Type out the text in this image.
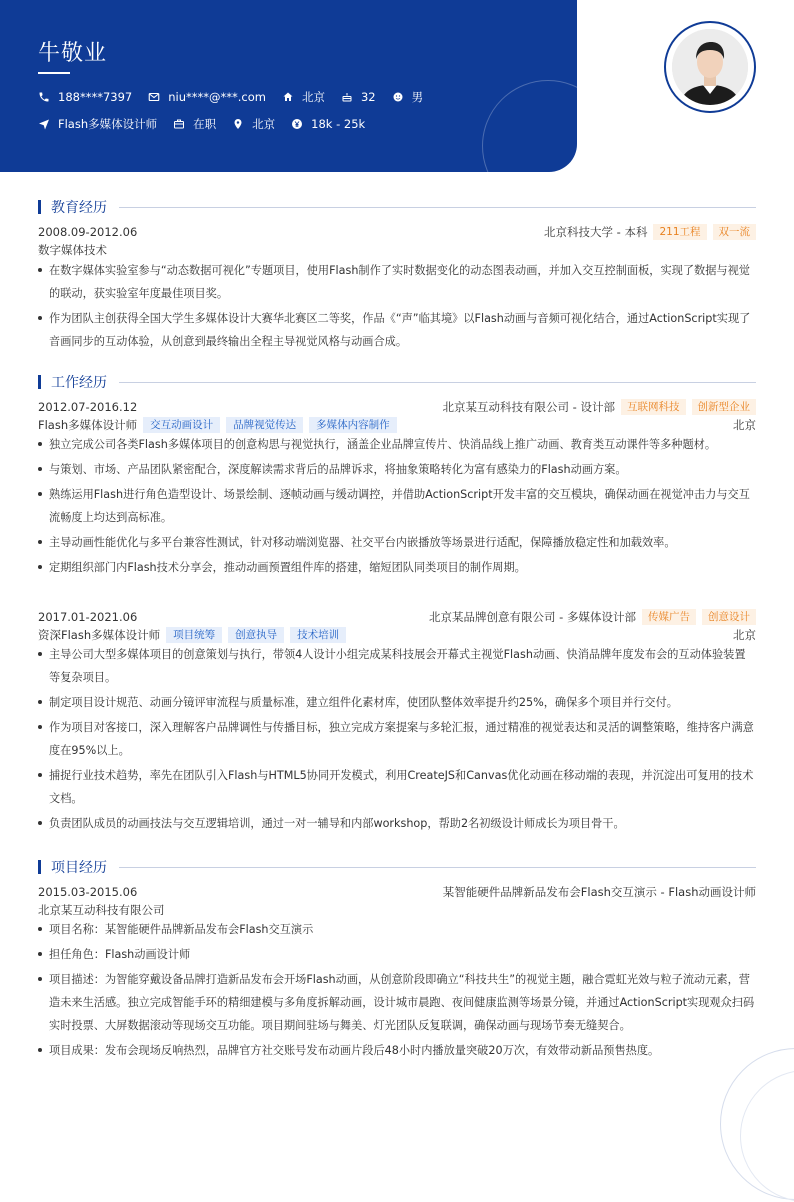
牛敬业
188****7397	niu****@***.com	北京	32	男
Flash多媒体设计师	在职	北京	18k - 25k
教育经历
2008.09-2012.06	北京科技大学 - 本科	211工程	双一流
数字媒体技术
在数字媒体实验室参与“动态数据可视化”专题项目，使用Flash制作了实时数据变化的动态图表动画，并加入交互控制面板，实现了数据与视觉的联动，获实验室年度最佳项目奖。
作为团队主创获得全国大学生多媒体设计大赛华北赛区二等奖，作品《“声”临其境》以Flash动画与音频可视化结合，通过ActionScript实现了音画同步的互动体验，从创意到最终输出全程主导视觉风格与动画合成。
工作经历
2012.07-2016.12	北京某互动科技有限公司 - 设计部	互联网科技	创新型企业
Flash多媒体设计师	交互动画设计	品牌视觉传达	多媒体内容制作	北京
独立完成公司各类Flash多媒体项目的创意构思与视觉执行，涵盖企业品牌宣传片、快消品线上推广动画、教育类互动课件等多种题材。
与策划、市场、产品团队紧密配合，深度解读需求背后的品牌诉求，将抽象策略转化为富有感染力的Flash动画方案。
熟练运用Flash进行角色造型设计、场景绘制、逐帧动画与缓动调控，并借助ActionScript开发丰富的交互模块，确保动画在视觉冲击力与交互流畅度上均达到高标准。
主导动画性能优化与多平台兼容性测试，针对移动端浏览器、社交平台内嵌播放等场景进行适配，保障播放稳定性和加载效率。
定期组织部门内Flash技术分享会，推动动画预置组件库的搭建，缩短团队同类项目的制作周期。
2017.01-2021.06	北京某品牌创意有限公司 - 多媒体设计部	传媒广告	创意设计
资深Flash多媒体设计师	项目统筹	创意执导	技术培训	北京
主导公司大型多媒体项目的创意策划与执行，带领4人设计小组完成某科技展会开幕式主视觉Flash动画、快消品牌年度发布会的互动体验装置等复杂项目。
制定项目设计规范、动画分镜评审流程与质量标准，建立组件化素材库，使团队整体效率提升约25%，确保多个项目并行交付。
作为项目对客接口，深入理解客户品牌调性与传播目标，独立完成方案提案与多轮汇报，通过精准的视觉表达和灵活的调整策略，维持客户满意度在95%以上。
捕捉行业技术趋势，率先在团队引入Flash与HTML5协同开发模式，利用CreateJS和Canvas优化动画在移动端的表现，并沉淀出可复用的技术文档。
负责团队成员的动画技法与交互逻辑培训，通过一对一辅导和内部workshop，帮助2名初级设计师成长为项目骨干。
项目经历
2015.03-2015.06	某智能硬件品牌新品发布会Flash交互演示 - Flash动画设计师
北京某互动科技有限公司
项目名称：某智能硬件品牌新品发布会Flash交互演示
担任角色：Flash动画设计师
项目描述：为智能穿戴设备品牌打造新品发布会开场Flash动画，从创意阶段即确立“科技共生”的视觉主题，融合霓虹光效与粒子流动元素，营造未来生活感。独立完成智能手环的精细建模与多角度拆解动画，设计城市晨跑、夜间健康监测等场景分镜，并通过ActionScript实现观众扫码实时投票、大屏数据滚动等现场交互功能。项目期间驻场与舞美、灯光团队反复联调，确保动画与现场节奏无缝契合。
项目成果：发布会现场反响热烈，品牌官方社交账号发布动画片段后48小时内播放量突破20万次，有效带动新品预售热度。
